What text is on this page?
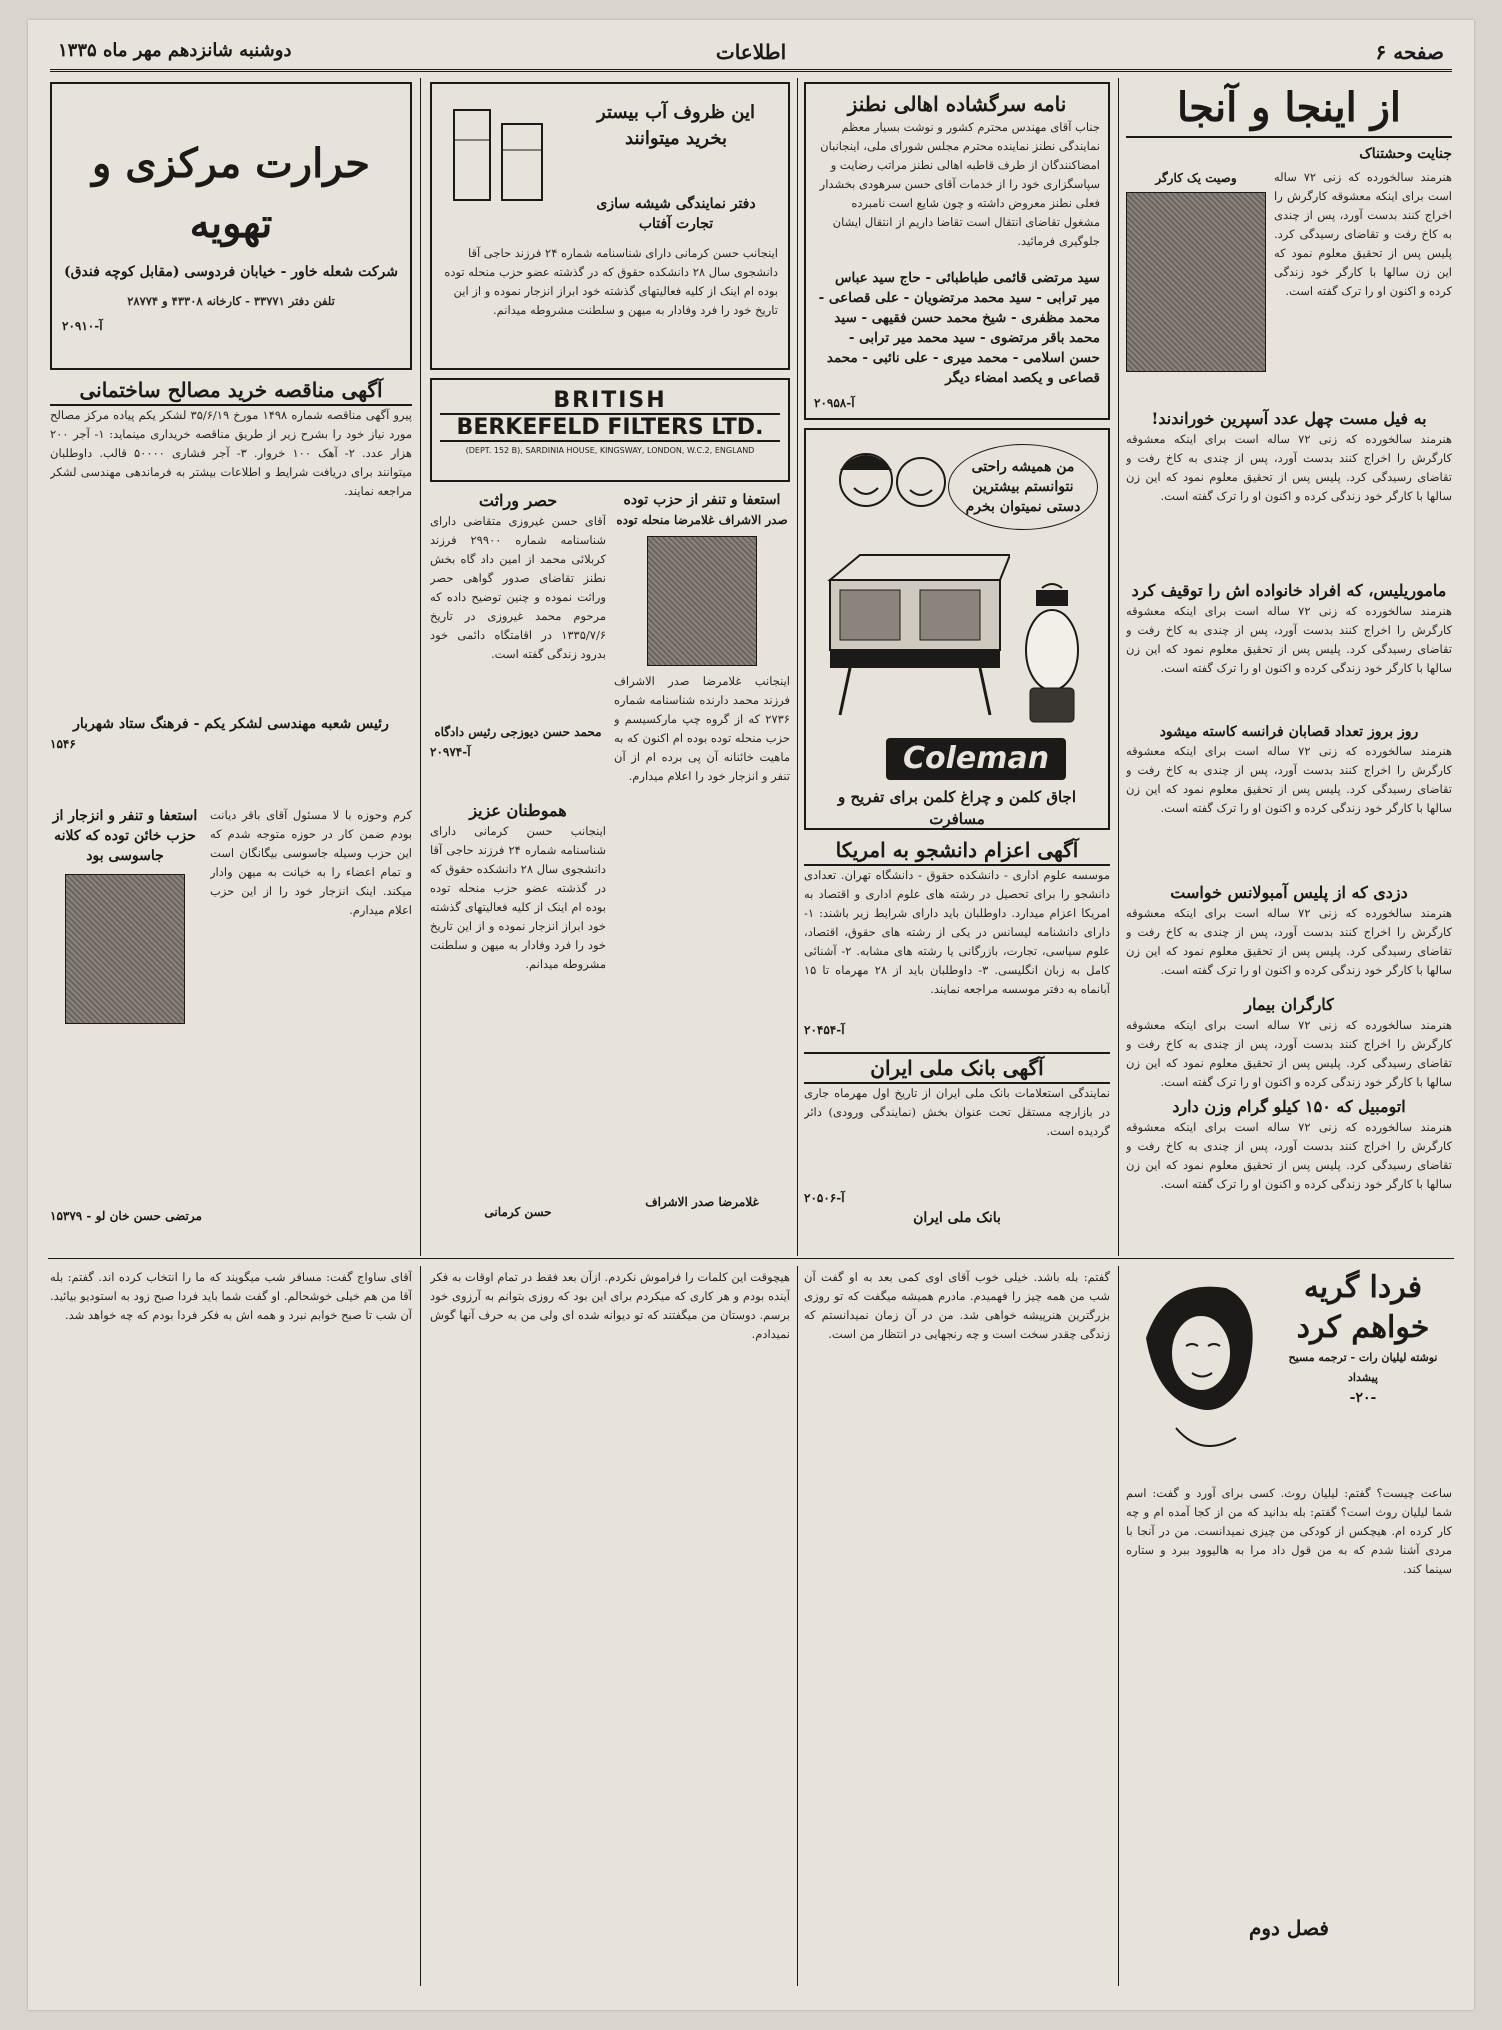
صفحه ۶
اطلاعات
دوشنبه شانزدهم مهر ماه ۱۳۳۵
از اینجا و آنجا
جنایت وحشتناک
هنرمند سالخورده که زنی ۷۲ ساله است برای اینکه معشوقه کارگرش را اخراج کنند بدست آورد، پس از چندی به کاخ رفت و تقاضای رسیدگی کرد. پلیس پس از تحقیق معلوم نمود که این زن سالها با کارگر خود زندگی کرده و اکنون او را ترک گفته است.
وصیت یک کارگر
به فیل مست چهل عدد آسپرین خوراندند!
هنرمند سالخورده که زنی ۷۲ ساله است برای اینکه معشوقه کارگرش را اخراج کنند بدست آورد، پس از چندی به کاخ رفت و تقاضای رسیدگی کرد. پلیس پس از تحقیق معلوم نمود که این زن سالها با کارگر خود زندگی کرده و اکنون او را ترک گفته است.
ماموریلیس، که افراد خانواده اش را توقیف کرد
هنرمند سالخورده که زنی ۷۲ ساله است برای اینکه معشوقه کارگرش را اخراج کنند بدست آورد، پس از چندی به کاخ رفت و تقاضای رسیدگی کرد. پلیس پس از تحقیق معلوم نمود که این زن سالها با کارگر خود زندگی کرده و اکنون او را ترک گفته است.
روز بروز تعداد قصابان فرانسه کاسته میشود
هنرمند سالخورده که زنی ۷۲ ساله است برای اینکه معشوقه کارگرش را اخراج کنند بدست آورد، پس از چندی به کاخ رفت و تقاضای رسیدگی کرد. پلیس پس از تحقیق معلوم نمود که این زن سالها با کارگر خود زندگی کرده و اکنون او را ترک گفته است.
دزدی که از پلیس آمبولانس خواست
هنرمند سالخورده که زنی ۷۲ ساله است برای اینکه معشوقه کارگرش را اخراج کنند بدست آورد، پس از چندی به کاخ رفت و تقاضای رسیدگی کرد. پلیس پس از تحقیق معلوم نمود که این زن سالها با کارگر خود زندگی کرده و اکنون او را ترک گفته است.
کارگران بیمار
هنرمند سالخورده که زنی ۷۲ ساله است برای اینکه معشوقه کارگرش را اخراج کنند بدست آورد، پس از چندی به کاخ رفت و تقاضای رسیدگی کرد. پلیس پس از تحقیق معلوم نمود که این زن سالها با کارگر خود زندگی کرده و اکنون او را ترک گفته است.
اتومبیل که ۱۵۰ کیلو گرام وزن دارد
هنرمند سالخورده که زنی ۷۲ ساله است برای اینکه معشوقه کارگرش را اخراج کنند بدست آورد، پس از چندی به کاخ رفت و تقاضای رسیدگی کرد. پلیس پس از تحقیق معلوم نمود که این زن سالها با کارگر خود زندگی کرده و اکنون او را ترک گفته است.
نامه سرگشاده اهالی نطنز
جناب آقای مهندس محترم کشور و نوشت بسیار معظم نمایندگی نطنز نماینده محترم مجلس شورای ملی، اینجانبان امضاکنندگان از طرف قاطبه اهالی نطنز مراتب رضایت و سپاسگزاری خود را از خدمات آقای حسن سرهودی بخشدار فعلی نطنز معروض داشته و چون شایع است نامبرده مشغول تقاضای انتقال است تقاضا داریم از انتقال ایشان جلوگیری فرمائید.
سید مرتضی قائمی طباطبائی - حاج سید عباس میر ترابی - سید محمد مرتضویان - علی قصاعی - محمد مظفری - شیخ محمد حسن فقیهی - سید محمد باقر مرتضوی - سید محمد میر ترابی - حسن اسلامی - محمد میری - علی نائبی - محمد قصاعی و یکصد امضاء دیگر
آ-۲۰۹۵۸
من همیشه راحتی نتوانستم بیشترین دستی نمیتوان بخرم
Coleman
اجاق کلمن و چراغ کلمن برای تفریح و مسافرت
آگهی اعزام دانشجو به امریکا
موسسه علوم اداری - دانشکده حقوق - دانشگاه تهران. تعدادی دانشجو را برای تحصیل در رشته های علوم اداری و اقتصاد به امریکا اعزام میدارد. داوطلبان باید دارای شرایط زیر باشند: ۱- دارای دانشنامه لیسانس در یکی از رشته های حقوق، اقتصاد، علوم سیاسی، تجارت، بازرگانی یا رشته های مشابه. ۲- آشنائی کامل به زبان انگلیسی. ۳- داوطلبان باید از ۲۸ مهرماه تا ۱۵ آبانماه به دفتر موسسه مراجعه نمایند.
آ-۲۰۴۵۴
آگهی بانک ملی ایران
نمایندگی استعلامات بانک ملی ایران از تاریخ اول مهرماه جاری در بازارچه مستقل تحت عنوان بخش (نمایندگی ورودی) دائر گردیده است.
آ-۲۰۵۰۶
بانک ملی ایران
حرارت مرکزی و تهویه
شرکت شعله خاور - خیابان فردوسی (مقابل کوچه فندق)
تلفن دفتر ۳۳۷۷۱ - کارخانه ۴۳۳۰۸ و ۲۸۷۷۴
آ-۲۰۹۱۰
این ظروف آب بیستر بخرید میتوانند
دفتر نمایندگی شیشه سازی تجارت آفتاب
اینجانب حسن کرمانی دارای شناسنامه شماره ۲۴ فرزند حاجی آقا دانشجوی سال ۲۸ دانشکده حقوق که در گذشته عضو حزب منحله توده بوده ام اینک از کلیه فعالیتهای گذشته خود ابراز انزجار نموده و از این تاریخ خود را فرد وفادار به میهن و سلطنت مشروطه میدانم.
BRITISH
BERKEFELD FILTERS LTD.
(DEPT. 152 B), SARDINIA HOUSE, KINGSWAY, LONDON, W.C.2, ENGLAND
آگهی مناقصه خرید مصالح ساختمانی
پیرو آگهی مناقصه شماره ۱۴۹۸ مورخ ۳۵/۶/۱۹ لشکر یکم پیاده مرکز مصالح مورد نیاز خود را بشرح زیر از طریق مناقصه خریداری مینماید: ۱- آجر ۲۰۰ هزار عدد. ۲- آهک ۱۰۰ خروار. ۳- آجر فشاری ۵۰۰۰۰ قالب. داوطلبان میتوانند برای دریافت شرایط و اطلاعات بیشتر به فرماندهی مهندسی لشکر مراجعه نمایند.
رئیس شعبه مهندسی لشکر یکم - فرهنگ ستاد شهربار
۱۵۴۶
استعفا و تنفر از حزب توده
صدر الاشراف غلامرضا منحله توده
اینجانب غلامرضا صدر الاشراف فرزند محمد دارنده شناسنامه شماره ۲۷۳۶ که از گروه چپ مارکسیسم و حزب منحله توده بوده ام اکنون که به ماهیت خائنانه آن پی برده ام از آن تنفر و انزجار خود را اعلام میدارم.
غلامرضا صدر الاشراف
حصر وراثت
آقای حسن غیروزی متقاضی دارای شناسنامه شماره ۲۹۹۰۰ فرزند کربلائی محمد از امین داد گاه بخش نطنز تقاضای صدور گواهی حصر وراثت نموده و چنین توضیح داده که مرحوم محمد غیروزی در تاریخ ۱۳۳۵/۷/۶ در اقامتگاه دائمی خود بدرود زندگی گفته است.
محمد حسن دیوزجی رئیس دادگاه
آ-۲۰۹۷۴
هموطنان عزیز
اینجانب حسن کرمانی دارای شناسنامه شماره ۲۴ فرزند حاجی آقا دانشجوی سال ۲۸ دانشکده حقوق که در گذشته عضو حزب منحله توده بوده ام اینک از کلیه فعالیتهای گذشته خود ابراز انزجار نموده و از این تاریخ خود را فرد وفادار به میهن و سلطنت مشروطه میدانم.
حسن کرمانی
کرم وحوزه با لا مسئول آقای باقر دیانت بودم ضمن کار در حوزه متوجه شدم که این حزب وسیله جاسوسی بیگانگان است و تمام اعضاء را به خیانت به میهن وادار میکند. اینک انزجار خود را از این حزب اعلام میدارم.
استعفا و تنفر و انزجار از حزب خائن توده که کلانه جاسوسی بود
مرتضی حسن خان لو - ۱۵۳۷۹
فردا گریه خواهم کرد
نوشته لیلیان رات - ترجمه مسیح پیشداد
-۲۰-
ساعت چیست؟ گفتم: لیلیان روث. کسی برای آورد و گفت: اسم شما لیلیان روث است؟ گفتم: بله بدانید که من از کجا آمده ام و چه کار کرده ام. هیچکس از کودکی من چیزی نمیدانست. من در آنجا با مردی آشنا شدم که به من قول داد مرا به هالیوود ببرد و ستاره سینما کند.
فصل دوم
گفتم: بله باشد. خیلی خوب آقای اوی کمی بعد به او گفت آن شب من همه چیز را فهمیدم. مادرم همیشه میگفت که تو روزی بزرگترین هنرپیشه خواهی شد. من در آن زمان نمیدانستم که زندگی چقدر سخت است و چه رنجهایی در انتظار من است.
هیچوقت این کلمات را فراموش نکردم. ازآن بعد فقط در تمام اوقات به فکر آینده بودم و هر کاری که میکردم برای این بود که روزی بتوانم به آرزوی خود برسم. دوستان من میگفتند که تو دیوانه شده ای ولی من به حرف آنها گوش نمیدادم.
آقای ساواج گفت: مسافر شب میگویند که ما را انتخاب کرده اند. گفتم: بله آقا من هم خیلی خوشحالم. او گفت شما باید فردا صبح زود به استودیو بیائید. آن شب تا صبح خوابم نبرد و همه اش به فکر فردا بودم که چه خواهد شد.
